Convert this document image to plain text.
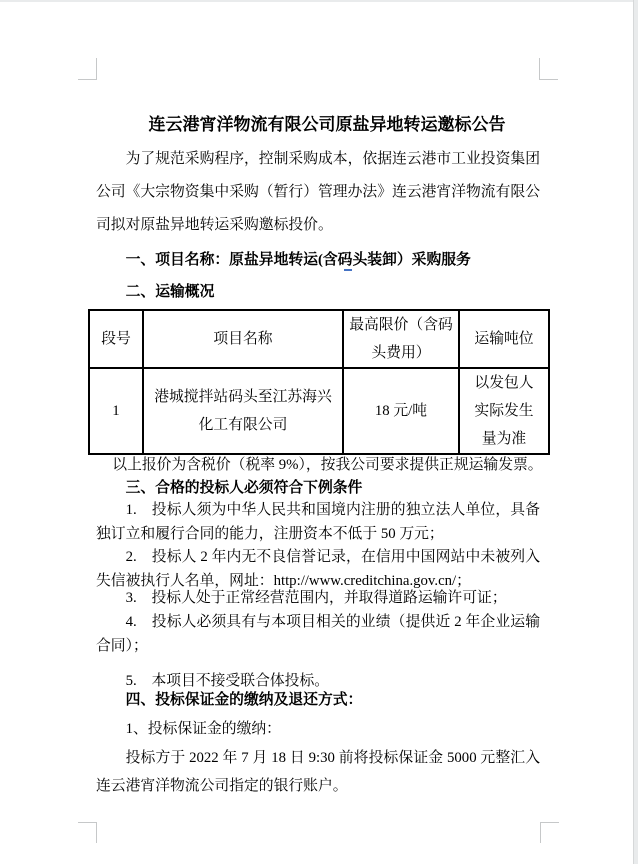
连云港宵洋物流有限公司原盐异地转运邀标公告
为了规范采购程序，控制采购成本，依据连云港市工业投资集团公司《大宗物资集中采购（暂行）管理办法》连云港宵洋物流有限公司拟对原盐异地转运采购邀标投价。
一、项目名称：原盐异地转运(含码头装卸）采购服务
二、运输概况
段号	项目名称	最高限价（含码头费用）	运输吨位
1	港城搅拌站码头至江苏海兴化工有限公司	18 元/吨	以发包人实际发生量为准
以上报价为含税价（税率 9%），按我公司要求提供正规运输发票。
三、合格的投标人必须符合下例条件
1.　投标人须为中华人民共和国境内注册的独立法人单位，具备独订立和履行合同的能力，注册资本不低于 50 万元；
2.　投标人 2 年内无不良信誉记录，在信用中国网站中未被列入失信被执行人名单，网址：http://www.creditchina.gov.cn/；
3.　投标人处于正常经营范围内，并取得道路运输许可证；
4.　投标人必须具有与本项目相关的业绩（提供近 2 年企业运输合同）；
5.　本项目不接受联合体投标。
四、投标保证金的缴纳及退还方式：
1、投标保证金的缴纳：
投标方于 2022 年 7 月 18 日 9:30 前将投标保证金 5000 元整汇入连云港宵洋物流公司指定的银行账户。
